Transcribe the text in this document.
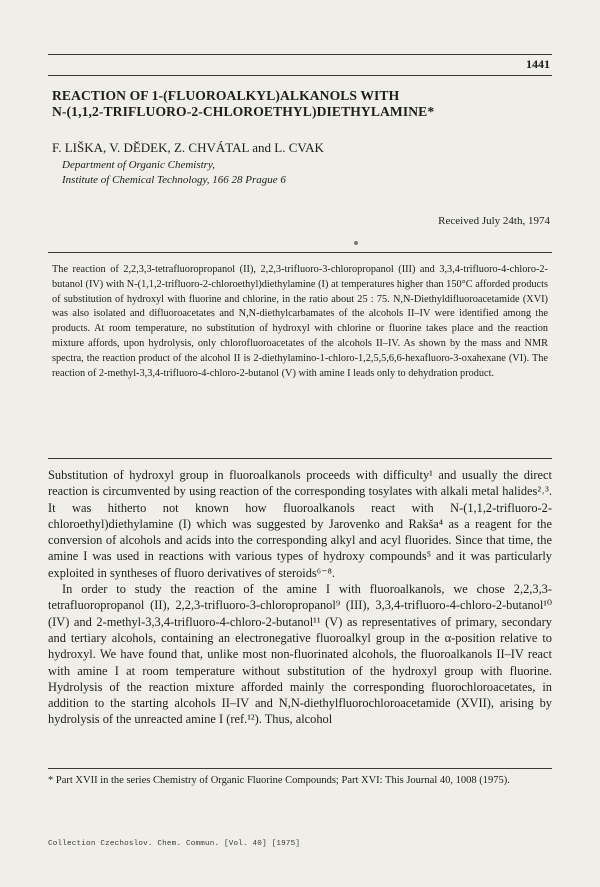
1441
REACTION OF 1-(FLUOROALKYL)ALKANOLS WITH
N-(1,1,2-TRIFLUORO-2-CHLOROETHYL)DIETHYLAMINE*

F. LIŠKA, V. DĚDEK, Z. CHVÁTAL and L. CVAK

Department of Organic Chemistry,
Institute of Chemical Technology, 166 28 Prague 6
Received July 24th, 1974

The reaction of 2,2,3,3-tetrafluoropropanol (II), 2,2,3-trifluoro-3-chloropropanol (III) and 3,3,4-trifluoro-4-chloro-2-butanol (IV) with N-(1,1,2-trifluoro-2-chloroethyl)diethylamine (I) at temperatures higher than 150°C afforded products of substitution of hydroxyl with fluorine and chlorine, in the ratio about 25 : 75. N,N-Diethyldifluoroacetamide (XVI) was also isolated and difluoroacetates and N,N-diethylcarbamates of the alcohols II–IV were identified among the products. At room temperature, no substitution of hydroxyl with chlorine or fluorine takes place and the reaction mixture affords, upon hydrolysis, only chlorofluoroacetates of the alcohols II–IV. As shown by the mass and NMR spectra, the reaction product of the alcohol II is 2-diethylamino-1-chloro-1,2,5,5,6,6-hexafluoro-3-oxahexane (VI). The reaction of 2-methyl-3,3,4-trifluoro-4-chloro-2-butanol (V) with amine I leads only to dehydration product.

Substitution of hydroxyl group in fluoroalkanols proceeds with difficulty¹ and usually the direct reaction is circumvented by using reaction of the corresponding tosylates with alkali metal halides²˒³. It was hitherto not known how fluoroalkanols react with N-(1,1,2-trifluoro-2-chloroethyl)diethylamine (I) which was suggested by Jarovenko and Rakša⁴ as a reagent for the conversion of alcohols and acids into the corresponding alkyl and acyl fluorides. Since that time, the amine I was used in reactions with various types of hydroxy compounds⁵ and it was particularly exploited in syntheses of fluoro derivatives of steroids⁶⁻⁸.

In order to study the reaction of the amine I with fluoroalkanols, we chose 2,2,3,3-tetrafluoropropanol (II), 2,2,3-trifluoro-3-chloropropanol⁹ (III), 3,3,4-trifluoro-4-chloro-2-butanol¹⁰ (IV) and 2-methyl-3,3,4-trifluoro-4-chloro-2-butanol¹¹ (V) as representatives of primary, secondary and tertiary alcohols, containing an electronegative fluoroalkyl group in the α-position relative to hydroxyl. We have found that, unlike most non-fluorinated alcohols, the fluoroalkanols II–IV react with amine I at room temperature without substitution of the hydroxyl group with fluorine. Hydrolysis of the reaction mixture afforded mainly the corresponding fluorochloroacetates, in addition to the starting alcohols II–IV and N,N-diethylfluorochloroacetamide (XVII), arising by hydrolysis of the unreacted amine I (ref.¹²). Thus, alcohol

* Part XVII in the series Chemistry of Organic Fluorine Compounds; Part XVI: This Journal 40, 1008 (1975).
Collection Czechoslov. Chem. Commun. [Vol. 40] [1975]
